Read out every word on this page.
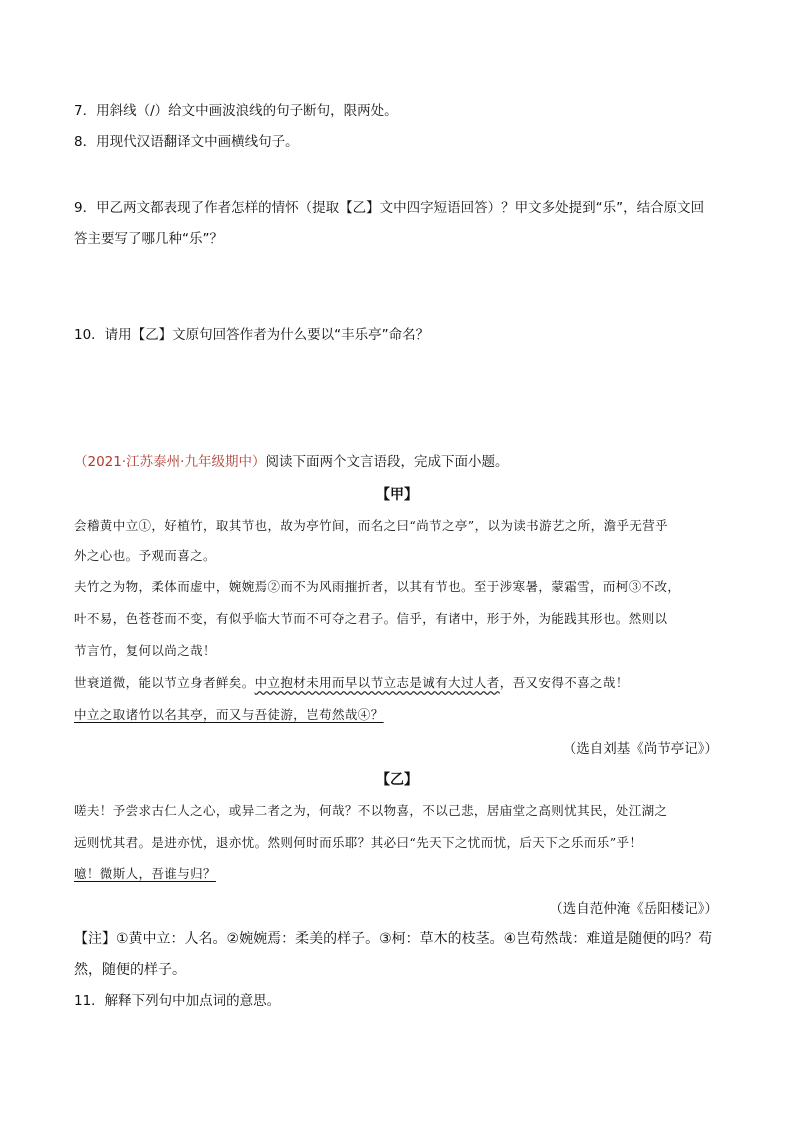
7．用斜线（/）给文中画波浪线的句子断句，限两处。
8．用现代汉语翻译文中画横线句子。
9．甲乙两文都表现了作者怎样的情怀（提取【乙】文中四字短语回答）？甲文多处提到“乐”，结合原文回
答主要写了哪几种“乐”？
10．请用【乙】文原句回答作者为什么要以“丰乐亭”命名？
（2021·江苏泰州·九年级期中）阅读下面两个文言语段，完成下面小题。
【甲】
会稽黄中立①，好植竹，取其节也，故为亭竹间，而名之曰“尚节之亭”，以为读书游艺之所，澹乎无营乎
外之心也。予观而喜之。
夫竹之为物，柔体而虚中，婉婉焉②而不为风雨摧折者，以其有节也。至于涉寒暑，蒙霜雪，而柯③不改，
叶不易，色苍苍而不变，有似乎临大节而不可夺之君子。信乎，有诸中，形于外，为能践其形也。然则以
节言竹，复何以尚之哉！
世衰道微，能以节立身者鲜矣。中立抱材未用而早以节立志是诚有大过人者，吾又安得不喜之哉！
中立之取诸竹以名其亭，而又与吾徒游，岂苟然哉④？
（选自刘基《尚节亭记》）
【乙】
嗟夫！予尝求古仁人之心，或异二者之为，何哉？不以物喜，不以己悲，居庙堂之高则忧其民，处江湖之
远则忧其君。是进亦忧，退亦忧。然则何时而乐耶？其必曰“先天下之忧而忧，后天下之乐而乐”乎！
噫！微斯人，吾谁与归？
（选自范仲淹《岳阳楼记》）
【注】①黄中立：人名。②婉婉焉：柔美的样子。③柯：草木的枝茎。④岂苟然哉：难道是随便的吗？苟
然，随便的样子。
11．解释下列句中加点词的意思。
